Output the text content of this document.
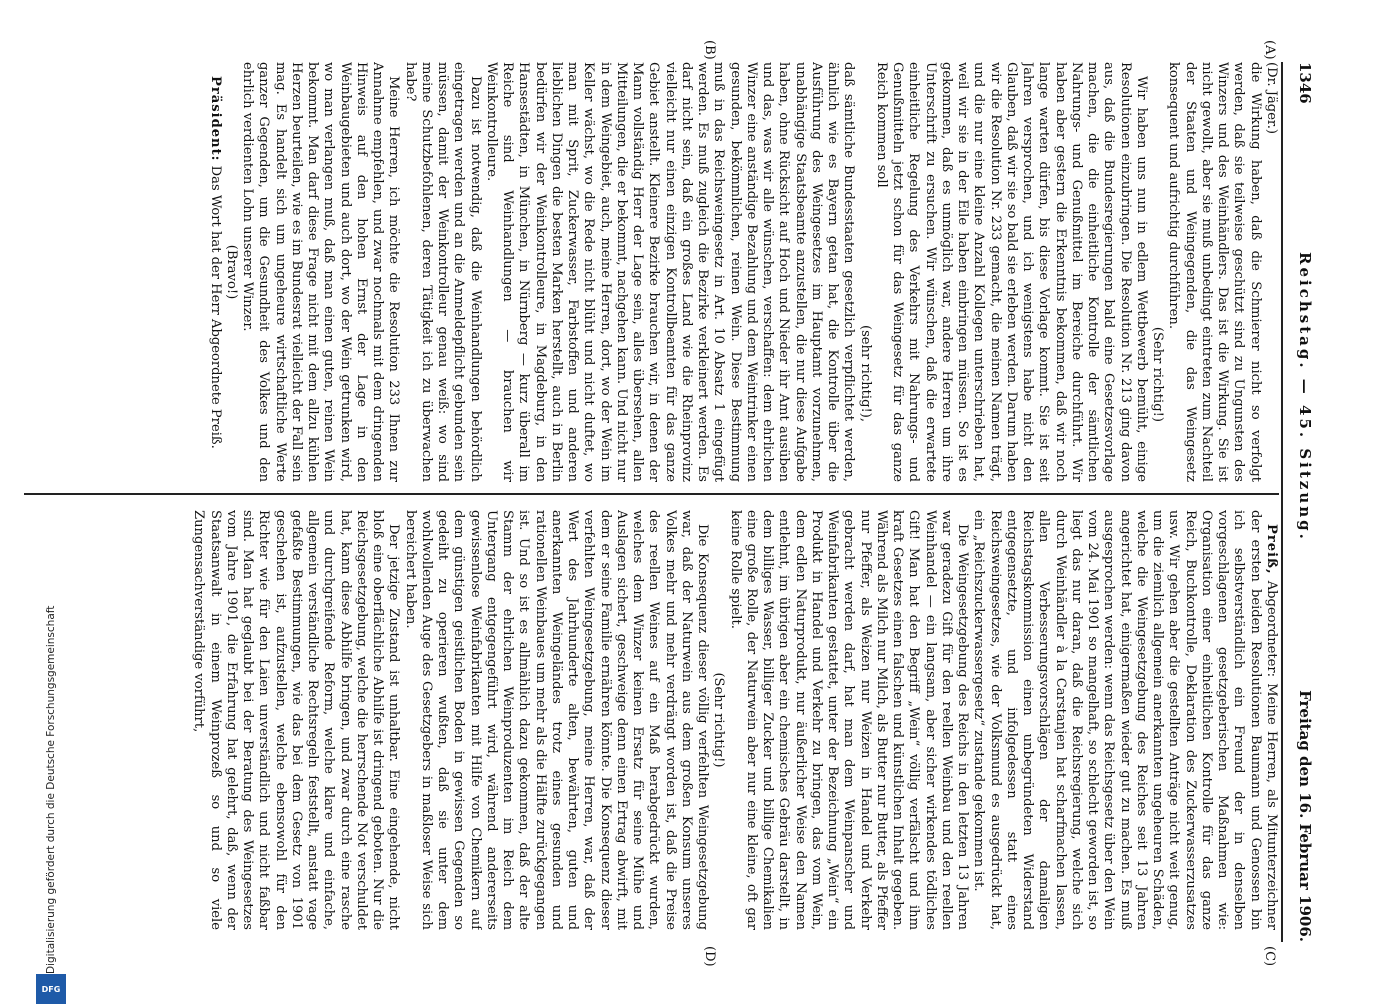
Digitalisierung gefördert durch die Deutsche Forschungsgemeinschaft
DFG
1346
Reichstag. — 45. Sitzung.
Freitag den 16. Februar 1906.
(A)
(B)
(C)
(D)

(Dr. Jäger.)

die Wirkung haben, daß die Schmierer nicht so verfolgt werden, daß sie teilweise geschützt sind zu Ungunsten des Winzers und des Weinhändlers. Das ist die Wirkung. Sie ist nicht gewollt, aber sie muß unbedingt eintreten zum Nachteil der Staaten und Weingegenden, die das Weingesetz konsequent und aufrichtig durchführen.

(Sehr richtig!)

Wir haben uns nun in edlem Wettbewerb bemüht, einige Resolutionen einzubringen. Die Resolution Nr. 213 ging davon aus, daß die Bundesregierungen bald eine Gesetzesvorlage machen, die die einheitliche Kontrolle der sämtlichen Nahrungs- und Genußmittel im Bereiche durchführt. Wir haben aber gestern die Erkenntnis bekommen, daß wir noch lange warten dürfen, bis diese Vorlage kommt. Sie ist seit Jahren versprochen, und ich wenigstens habe nicht den Glauben, daß wir sie so bald sie erleben werden. Darum haben wir die Resolution Nr. 233 gemacht, die meinen Namen trägt, und die nur eine kleine Anzahl Kollegen unterschrieben hat, weil wir sie in der Eile haben einbringen müssen. So ist es gekommen, daß es unmöglich war, andere Herren um ihre Unterschrift zu ersuchen. Wir wünschen, daß die erwartete einheitliche Regelung des Verkehrs mit Nahrungs- und Genußmitteln jetzt schon für das Weingesetz für das ganze Reich kommen soll

(sehr richtig!),

daß sämtliche Bundesstaaten gesetzlich verpflichtet werden, ähnlich wie es Bayern getan hat, die Kontrolle über die Ausführung des Weingesetzes im Hauptamt vorzunehmen, unabhängige Staatsbeamte anzustellen, die nur diese Aufgabe haben, ohne Rücksicht auf Hoch und Nieder ihr Amt ausüben und das, was wir alle wünschen, verschaffen: dem ehrlichen Winzer eine anständige Bezahlung und dem Weintrinker einen gesunden, bekömmlichen, reinen Wein. Diese Bestimmung muß in das Reichsweingesetz in Art. 10 Absatz 1 eingefügt werden. Es muß zugleich die Bezirke verkleinert werden. Es darf nicht sein, daß ein großes Land wie die Rheinprovinz vielleicht nur einen einzigen Kontrollbeamten für das ganze Gebiet anstellt. Kleinere Bezirke brauchen wir, in denen der Mann vollständig Herr der Lage sein, alles übersehen, allen Mitteilungen, die er bekommt, nachgehen kann. Und nicht nur in dem Weingebiet, auch, meine Herren, dort, wo der Wein im Keller wächst, wo die Rede nicht blüht und nicht duftet, wo man mit Sprit, Zuckerwasser, Farbstoffen und anderen lieblichen Dingen die besten Marken herstellt, auch in Berlin bedürfen wir der Weinkontrolleure, in Magdeburg, in den Hansestädten, in München, in Nürnberg — kurz überall im Reiche sind Weinhandlungen — brauchen wir Weinkontrolleure.

Dazu ist notwendig, daß die Weinhandlungen behördlich eingetragen werden und an die Anmeldepflicht gebunden sein müssen, damit der Weinkontrolleur genau weiß: wo sind meine Schutzbefohlenen, deren Tätigkeit ich zu überwachen habe?

Meine Herren, ich möchte die Resolution 233 Ihnen zur Annahme empfehlen, und zwar nochmals mit dem dringenden Hinweis auf den hohen Ernst der Lage in den Weinbaugebieten und auch dort, wo der Wein getrunken wird, wo man verlangen muß, daß man einen guten, reinen Wein bekommt. Man darf diese Frage nicht mit dem allzu kühlen Herzen beurteilen, wie es im Bundesrat vielleicht der Fall sein mag. Es handelt sich um ungeheure wirtschaftliche Werte ganzer Gegenden, um die Gesundheit des Volkes und den ehrlich verdienten Lohn unserer Winzer.

(Bravo!)

Präsident: Das Wort hat der Herr Abgeordnete Preiß.

Preiß, Abgeordneter: Meine Herren, als Mitunterzeichner der ersten beiden Resolutionen Baumann und Genossen bin ich selbstverständlich ein Freund der in denselben vorgeschlagenen gesetzgeberischen Maßnahmen wie: Organisation einer einheitlichen Kontrolle für das ganze Reich, Buchkontrolle, Deklaration des Zuckerwasserzusatzes usw. Wir gehen aber die gestellten Anträge nicht weit genug, um die ziemlich allgemein anerkannten ungeheuren Schäden, welche die Weingesetzgebung des Reiches seit 13 Jahren angerichtet hat, einigermaßen wieder gut zu machen. Es muß ausgesprochen werden: wenn das Reichsgesetz über den Wein vom 24. Mai 1901 so mangelhaft, so schlecht geworden ist, so liegt das nur daran, daß die Reichsregierung, welche sich durch Weinhändler à la Carstanjen hat scharfmachen lassen, allen Verbesserungsvorschlägen der damaligen Reichstagskommission einen unbegründeten Widerstand entgegensetzte, und infolgedessen statt eines Reichsweingesetzes, wie der Volksmund es ausgedrückt hat, ein „Reichszuckerwassergesetz“ zustande gekommen ist.

Die Weingesetzgebung des Reichs in den letzten 13 Jahren war geradezu Gift für den reellen Weinbau und den reellen Weinhandel — ein langsam, aber sicher wirkendes tödliches Gift! Man hat den Begriff „Wein“ völlig verfälscht und ihm kraft Gesetzes einen falschen und künstlichen Inhalt gegeben. Während als Milch nur Milch, als Butter nur Butter, als Pfeffer nur Pfeffer, als Weizen nur Weizen in Handel und Verkehr gebracht werden darf, hat man dem Weinpanscher und Weinfabrikanten gestattet, unter der Bezeichnung „Wein“ ein Produkt in Handel und Verkehr zu bringen, das vom Wein, dem edlen Naturprodukt, nur äußerlicher Weise den Namen entlehnt, im übrigen aber ein chemisches Gebräu darstellt, in dem billiges Wasser, billiger Zucker und billige Chemikalien eine große Rolle, der Naturwein aber nur eine kleine, oft gar keine Rolle spielt.

(Sehr richtig!)

Die Konsequenz dieser völlig verfehlten Weingesetzgebung war, daß der Naturwein aus dem großen Konsum unseres Volkes mehr und mehr verdrängt worden ist, daß die Preise des reellen Weines auf ein Maß herabgedrückt wurden, welches dem Winzer keinen Ersatz für seine Mühe und Auslagen sichert, geschweige denn einen Ertrag abwirft, mit dem er seine Familie ernähren könnte. Die Konsequenz dieser verfehlten Weingesetzgebung, meine Herren, war, daß der Wert des Jahrhunderte alten, bewährten, guten und anerkannten Weingeländes trotz eines gesunden und rationellen Weinbaues um mehr als die Hälfte zurückgegangen ist. Und so ist es allmählich dazu gekommen, daß der alte Stamm der ehrlichen Weinproduzenten im Reich dem Untergang entgegengeführt wird, während andererseits gewissenlose Weinfabrikanten mit Hilfe von Chemikern auf dem günstigen geistlichen Boden in gewissen Gegenden so gedeiht zu operieren wußten, daß sie unter dem wohlwollenden Auge des Gesetzgebers in maßloser Weise sich bereichert haben.

Der jetzige Zustand ist unhaltbar. Eine eingehende, nicht bloß eine oberflächliche Abhilfe ist dringend geboten. Nur die Reichsgesetzgebung, welche die herrschende Not verschuldet hat, kann diese Abhilfe bringen, und zwar durch eine rasche und durchgreifende Reform, welche klare und einfache, allgemein verständliche Rechtsregeln feststellt, anstatt vage gefaßte Bestimmungen, wie das bei dem Gesetz von 1901 geschehen ist, aufzustellen, welche ebensowohl für den Richter wie für den Laien unverständlich und nicht faßbar sind. Man hat geglaubt bei der Beratung des Weingesetzes vom Jahre 1901, die Erfahrung hat gelehrt, daß, wenn der Staatsanwalt in einem Weinprozeß so und so viele Zungensachverständige vorführt,
